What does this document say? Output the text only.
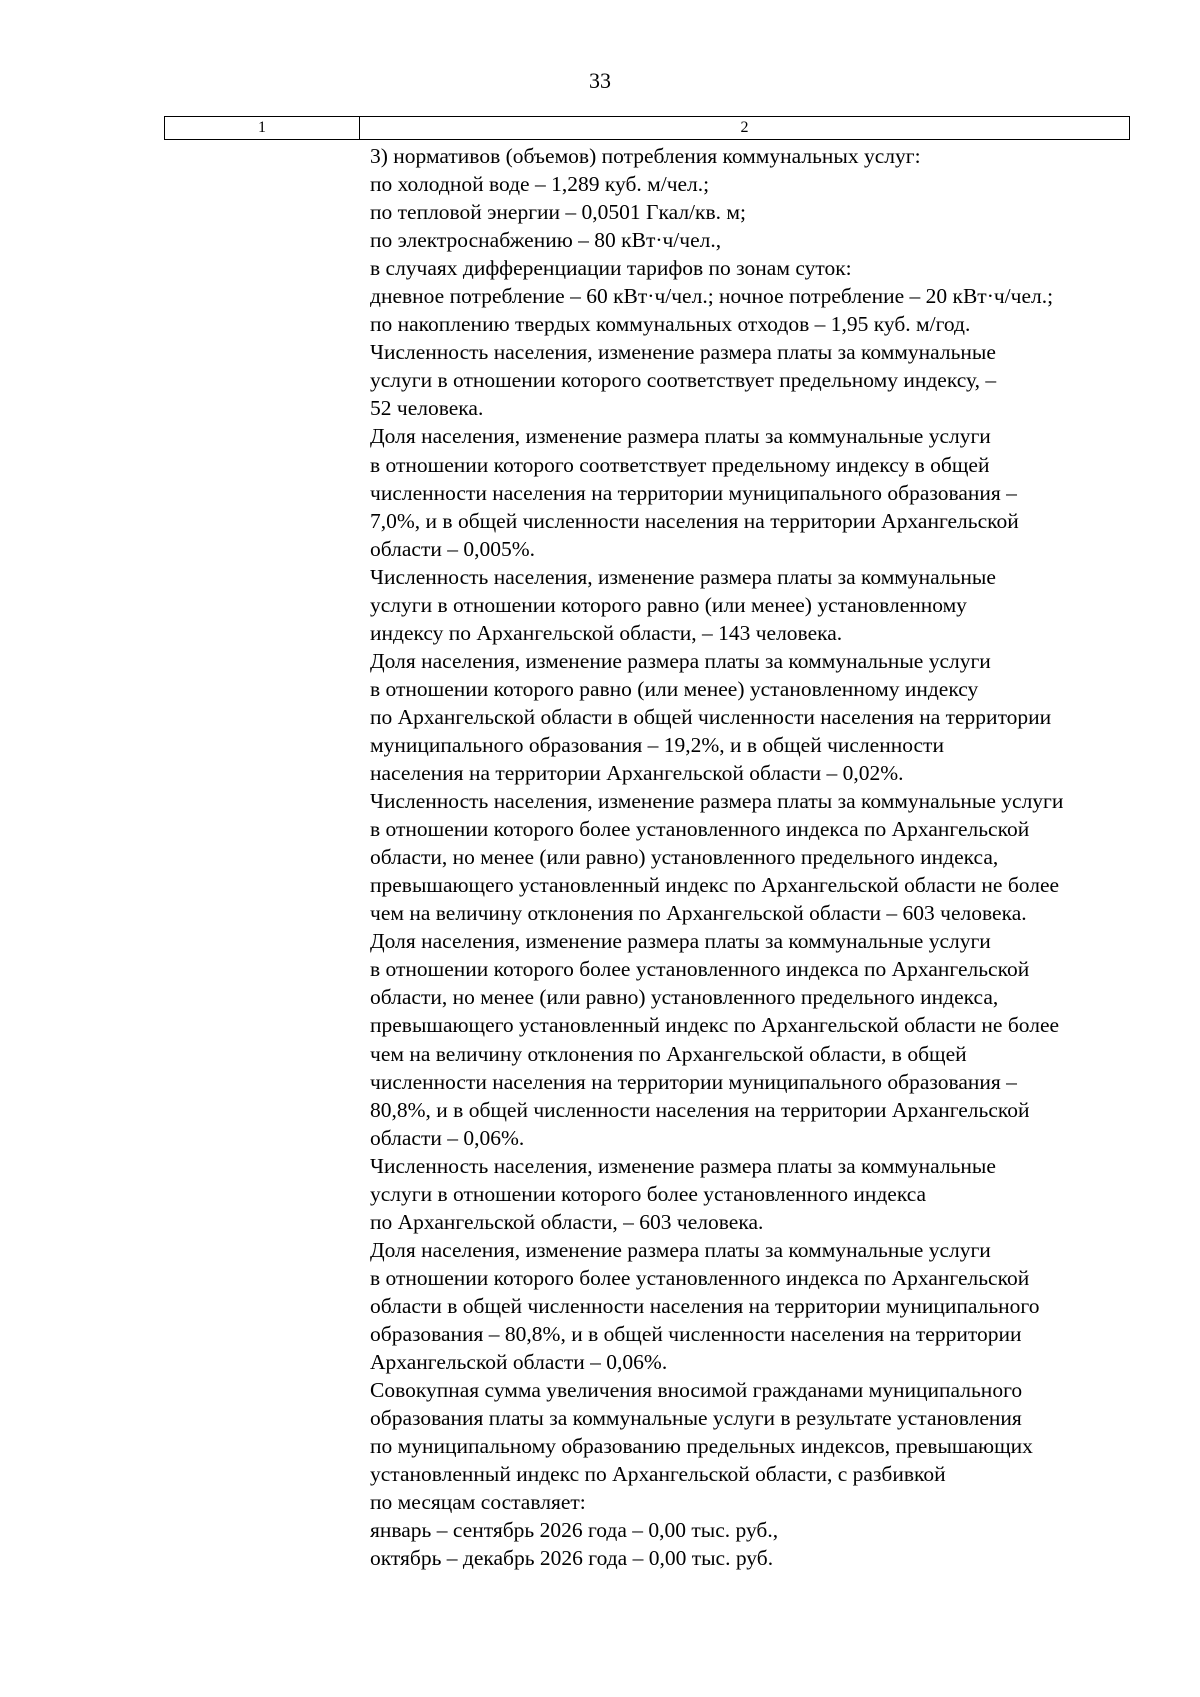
33
1	2
3) нормативов (объемов) потребления коммунальных услуг:
по холодной воде – 1,289 куб. м/чел.;
по тепловой энергии – 0,0501 Гкал/кв. м;
по электроснабжению – 80 кВт·ч/чел.,
в случаях дифференциации тарифов по зонам суток:
дневное потребление – 60 кВт·ч/чел.; ночное потребление – 20 кВт·ч/чел.;
по накоплению твердых коммунальных отходов – 1,95 куб. м/год.
Численность населения, изменение размера платы за коммунальные
услуги в отношении которого соответствует предельному индексу, –
52 человека.
Доля населения, изменение размера платы за коммунальные услуги
в отношении которого соответствует предельному индексу в общей
численности населения на территории муниципального образования –
7,0%, и в общей численности населения на территории Архангельской
области – 0,005%.
Численность населения, изменение размера платы за коммунальные
услуги в отношении которого равно (или менее) установленному
индексу по Архангельской области, – 143 человека.
Доля населения, изменение размера платы за коммунальные услуги
в отношении которого равно (или менее) установленному индексу
по Архангельской области в общей численности населения на территории
муниципального образования – 19,2%, и в общей численности
населения на территории Архангельской области – 0,02%.
Численность населения, изменение размера платы за коммунальные услуги
в отношении которого более установленного индекса по Архангельской
области, но менее (или равно) установленного предельного индекса,
превышающего установленный индекс по Архангельской области не более
чем на величину отклонения по Архангельской области – 603 человека.
Доля населения, изменение размера платы за коммунальные услуги
в отношении которого более установленного индекса по Архангельской
области, но менее (или равно) установленного предельного индекса,
превышающего установленный индекс по Архангельской области не более
чем на величину отклонения по Архангельской области, в общей
численности населения на территории муниципального образования –
80,8%, и в общей численности населения на территории Архангельской
области – 0,06%.
Численность населения, изменение размера платы за коммунальные
услуги в отношении которого более установленного индекса
по Архангельской области, – 603 человека.
Доля населения, изменение размера платы за коммунальные услуги
в отношении которого более установленного индекса по Архангельской
области в общей численности населения на территории муниципального
образования – 80,8%, и в общей численности населения на территории
Архангельской области – 0,06%.
Совокупная сумма увеличения вносимой гражданами муниципального
образования платы за коммунальные услуги в результате установления
по муниципальному образованию предельных индексов, превышающих
установленный индекс по Архангельской области, с разбивкой
по месяцам составляет:
январь – сентябрь 2026 года – 0,00 тыс. руб.,
октябрь – декабрь 2026 года – 0,00 тыс. руб.
